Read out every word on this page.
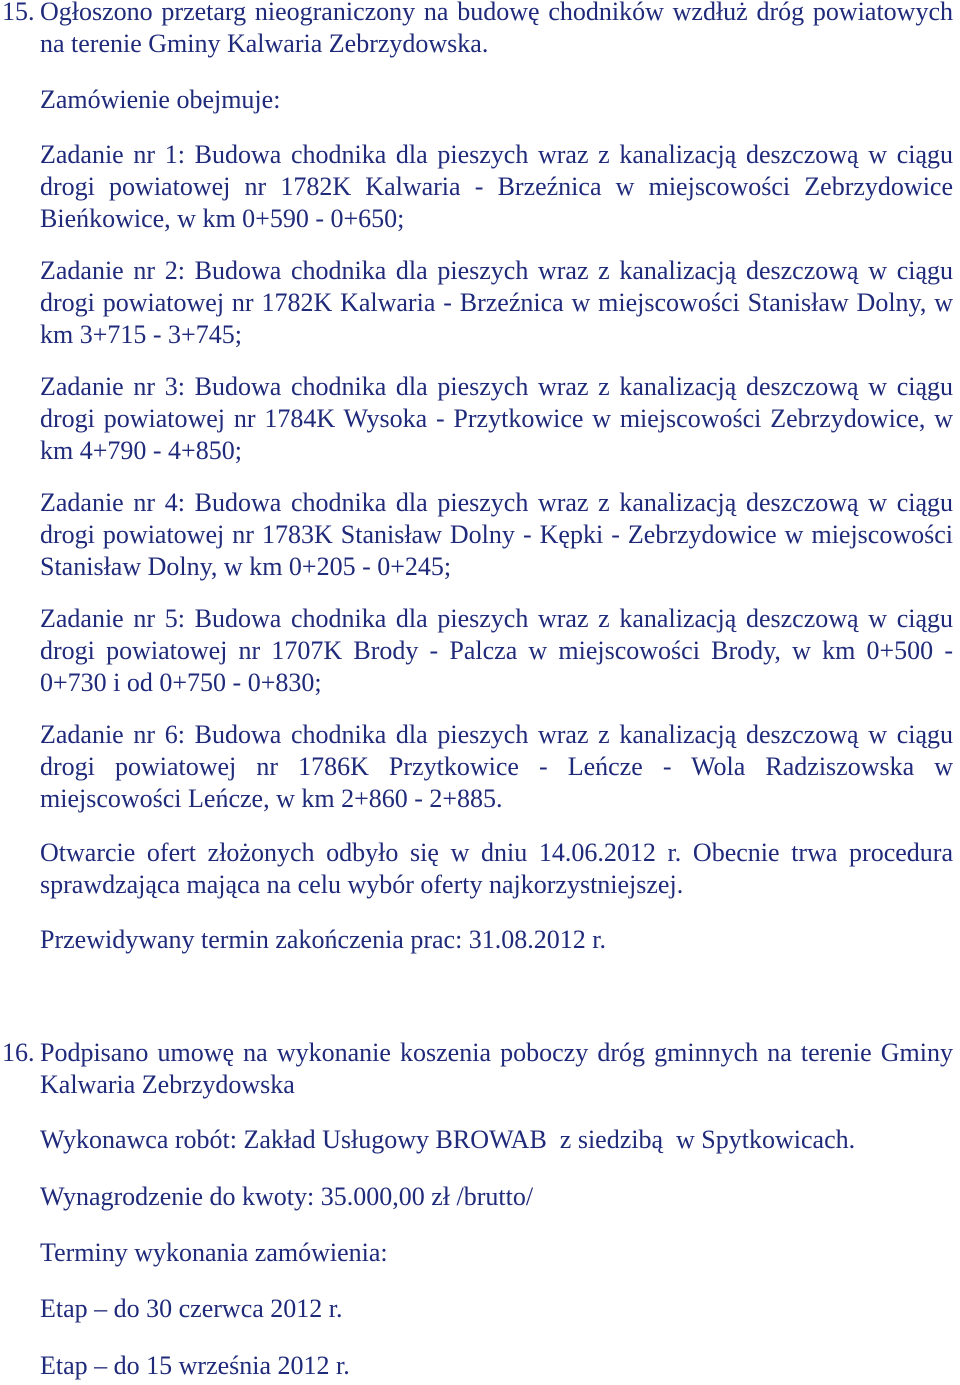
15. Ogłoszono przetarg nieograniczony na budowę chodników wzdłuż dróg powiatowych na terenie Gminy Kalwaria Zebrzydowska.

Zamówienie obejmuje:

Zadanie nr 1: Budowa chodnika dla pieszych wraz z kanalizacją deszczową w ciągu drogi powiatowej nr 1782K Kalwaria - Brzeźnica w miejscowości Zebrzydowice Bieńkowice, w km 0+590 - 0+650;

Zadanie nr 2: Budowa chodnika dla pieszych wraz z kanalizacją deszczową w ciągu drogi powiatowej nr 1782K Kalwaria - Brzeźnica w miejscowości Stanisław Dolny, w km 3+715 - 3+745;

Zadanie nr 3: Budowa chodnika dla pieszych wraz z kanalizacją deszczową w ciągu drogi powiatowej nr 1784K Wysoka - Przytkowice w miejscowości Zebrzydowice, w km 4+790 - 4+850;

Zadanie nr 4: Budowa chodnika dla pieszych wraz z kanalizacją deszczową w ciągu drogi powiatowej nr 1783K Stanisław Dolny - Kępki - Zebrzydowice w miejscowości Stanisław Dolny, w km 0+205 - 0+245;

Zadanie nr 5: Budowa chodnika dla pieszych wraz z kanalizacją deszczową w ciągu drogi powiatowej nr 1707K Brody - Palcza w miejscowości Brody, w km 0+500 - 0+730 i od 0+750 - 0+830;

Zadanie nr 6: Budowa chodnika dla pieszych wraz z kanalizacją deszczową w ciągu drogi powiatowej nr 1786K Przytkowice - Leńcze - Wola Radziszowska w miejscowości Leńcze, w km 2+860 - 2+885.

Otwarcie ofert złożonych odbyło się w dniu 14.06.2012 r. Obecnie trwa procedura sprawdzająca mająca na celu wybór oferty najkorzystniejszej.

Przewidywany termin zakończenia prac: 31.08.2012 r.

16. Podpisano umowę na wykonanie koszenia poboczy dróg gminnych na terenie Gminy Kalwaria Zebrzydowska

Wykonawca robót: Zakład Usługowy BROWAB  z siedzibą  w Spytkowicach.

Wynagrodzenie do kwoty: 35.000,00 zł /brutto/

Terminy wykonania zamówienia:

Etap – do 30 czerwca 2012 r.

Etap – do 15 września 2012 r.
